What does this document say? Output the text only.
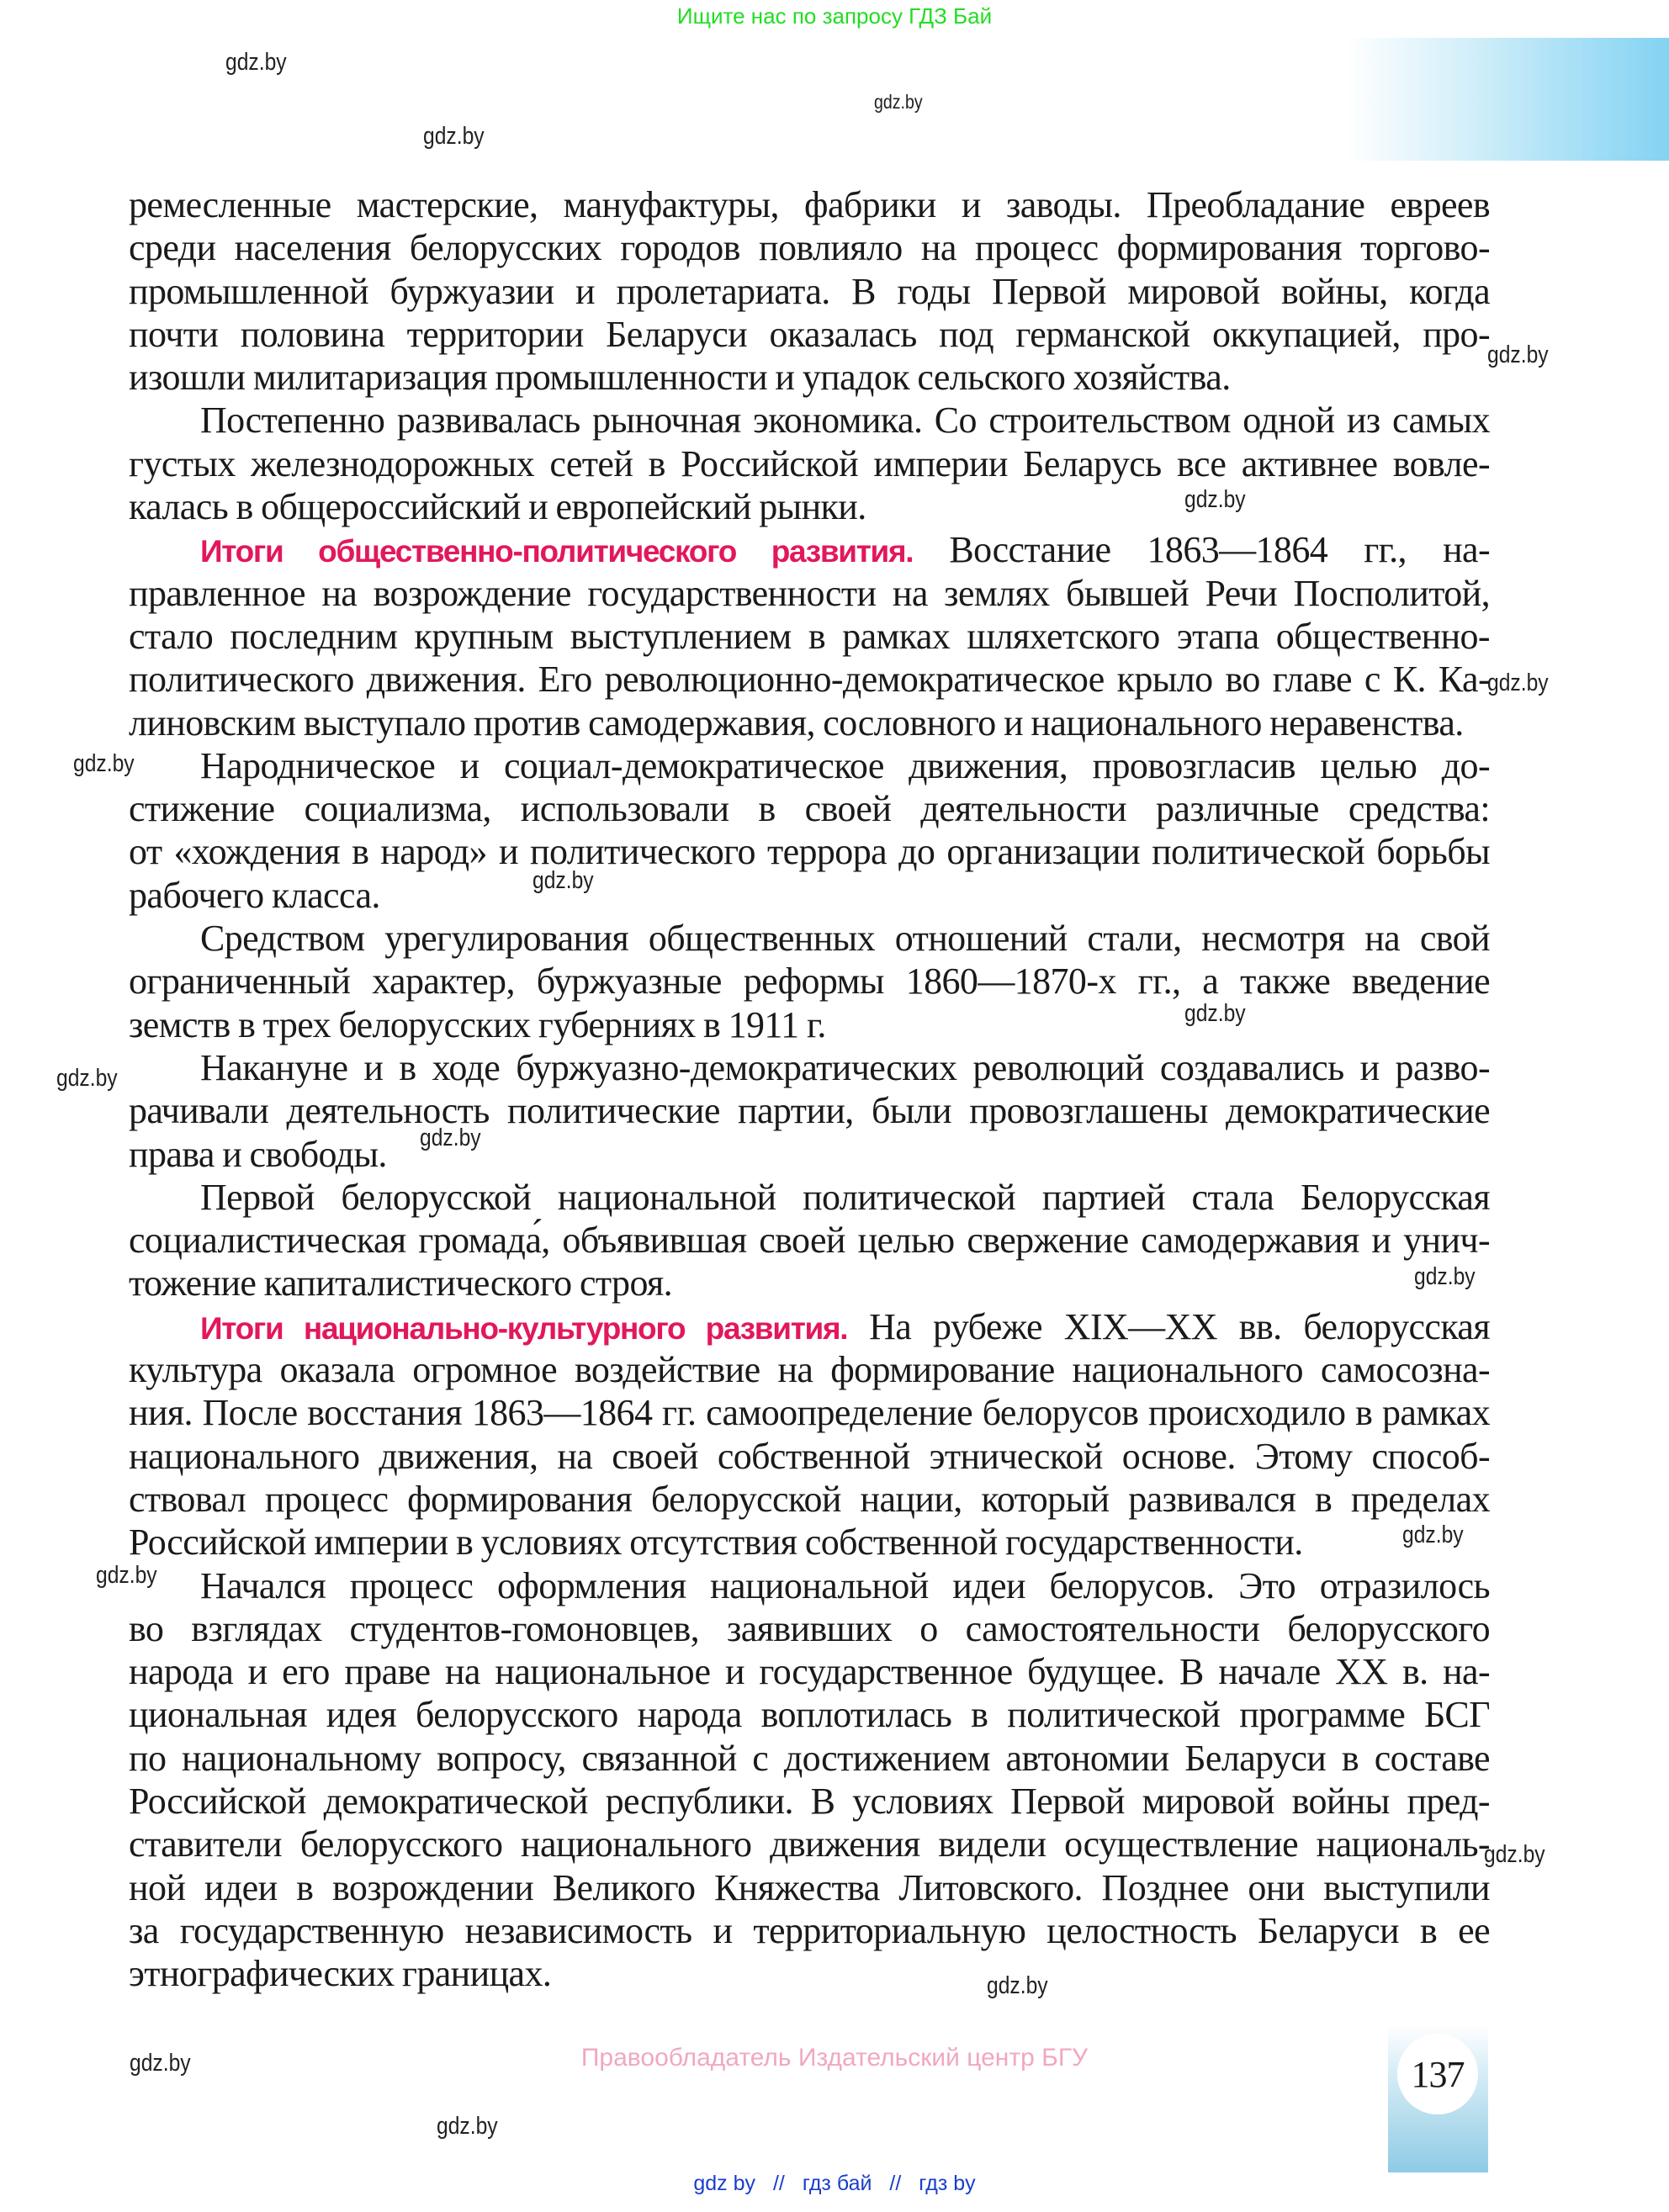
Ищите нас по запросу ГДЗ Бай
gdz.by
gdz.by
gdz.by
gdz.by
gdz.by
gdz.by
gdz.by
gdz.by
gdz.by
gdz.by
gdz.by
gdz.by
gdz.by
gdz.by
gdz.by
gdz.by
gdz.by
gdz.by
ремесленные мастерские, мануфактуры, фабрики и заводы. Преобладание евреев
среди населения белорусских городов повлияло на процесс формирования торгово-
промышленной буржуазии и пролетариата. В годы Первой мировой войны, когда
почти половина территории Беларуси оказалась под германской оккупацией, про-
изошли милитаризация промышленности и упадок сельского хозяйства.
Постепенно развивалась рыночная экономика. Со строительством одной из самых
густых железнодорожных сетей в Российской империи Беларусь все активнее вовле-
калась в общероссийский и европейский рынки.
Итоги общественно-политического развития. Восстание 1863—1864 гг., на-
правленное на возрождение государственности на землях бывшей Речи Посполитой,
стало последним крупным выступлением в рамках шляхетского этапа общественно-
политического движения. Его революционно-демократическое крыло во главе с К. Ка-
линовским выступало против самодержавия, сословного и национального неравенства.
Народническое и социал-демократическое движения, провозгласив целью до-
стижение социализма, использовали в своей деятельности различные средства:
от «хождения в народ» и политического террора до организации политической борьбы
рабочего класса.
Средством урегулирования общественных отношений стали, несмотря на свой
ограниченный характер, буржуазные реформы 1860—1870-х гг., а также введение
земств в трех белорусских губерниях в 1911 г.
Накануне и в ходе буржуазно-демократических революций создавались и разво-
рачивали деятельность политические партии, были провозглашены демократические
права и свободы.
Первой белорусской национальной политической партией стала Белорусская
социалистическая громада́, объявившая своей целью свержение самодержавия и унич-
тожение капиталистического строя.
Итоги национально-культурного развития. На рубеже XIX—XX вв. белорусская
культура оказала огромное воздействие на формирование национального самосозна-
ния. После восстания 1863—1864 гг. самоопределение белорусов происходило в рамках
национального движения, на своей собственной этнической основе. Этому способ-
ствовал процесс формирования белорусской нации, который развивался в пределах
Российской империи в условиях отсутствия собственной государственности.
Начался процесс оформления национальной идеи белорусов. Это отразилось
во взглядах студентов-гомоновцев, заявивших о самостоятельности белорусского
народа и его праве на национальное и государственное будущее. В начале XX в. на-
циональная идея белорусского народа воплотилась в политической программе БСГ
по национальному вопросу, связанной с достижением автономии Беларуси в составе
Российской демократической республики. В условиях Первой мировой войны пред-
ставители белорусского национального движения видели осуществление националь-
ной идеи в возрождении Великого Княжества Литовского. Позднее они выступили
за государственную независимость и территориальную целостность Беларуси в ее
этнографических границах.
Правообладатель Издательский центр БГУ	137
gdz by // гдз бай // гдз by
